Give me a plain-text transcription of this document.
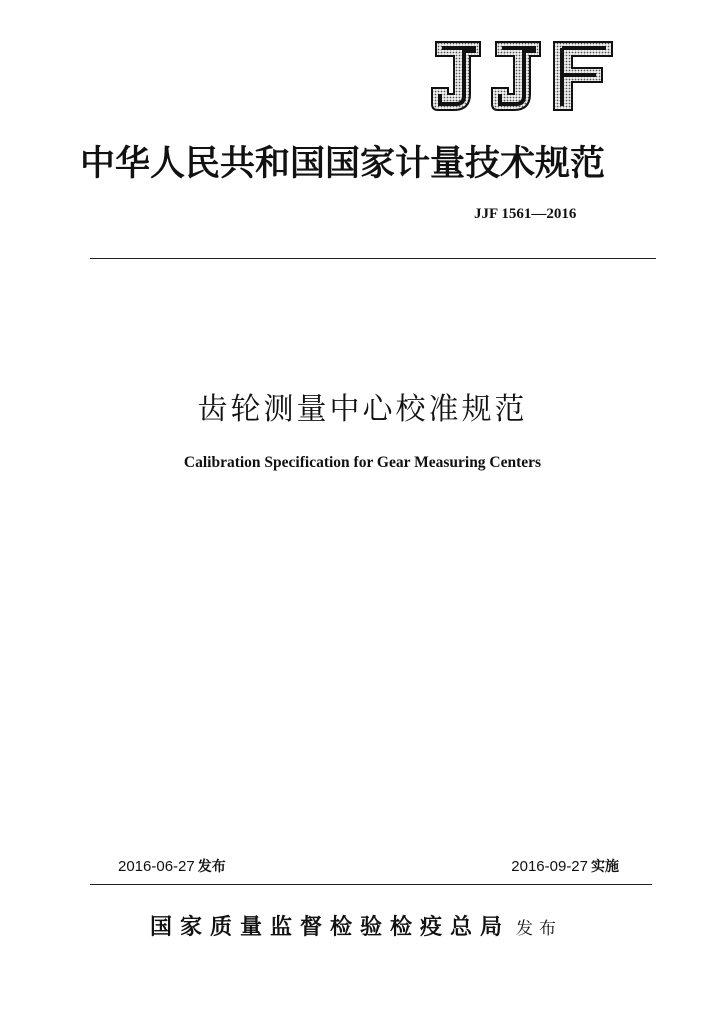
中华人民共和国国家计量技术规范
JJF 1561—2016
齿轮测量中心校准规范
Calibration Specification for Gear Measuring Centers
2016-06-27 发布	2016-09-27 实施
国家质量监督检验检疫总局 发布
